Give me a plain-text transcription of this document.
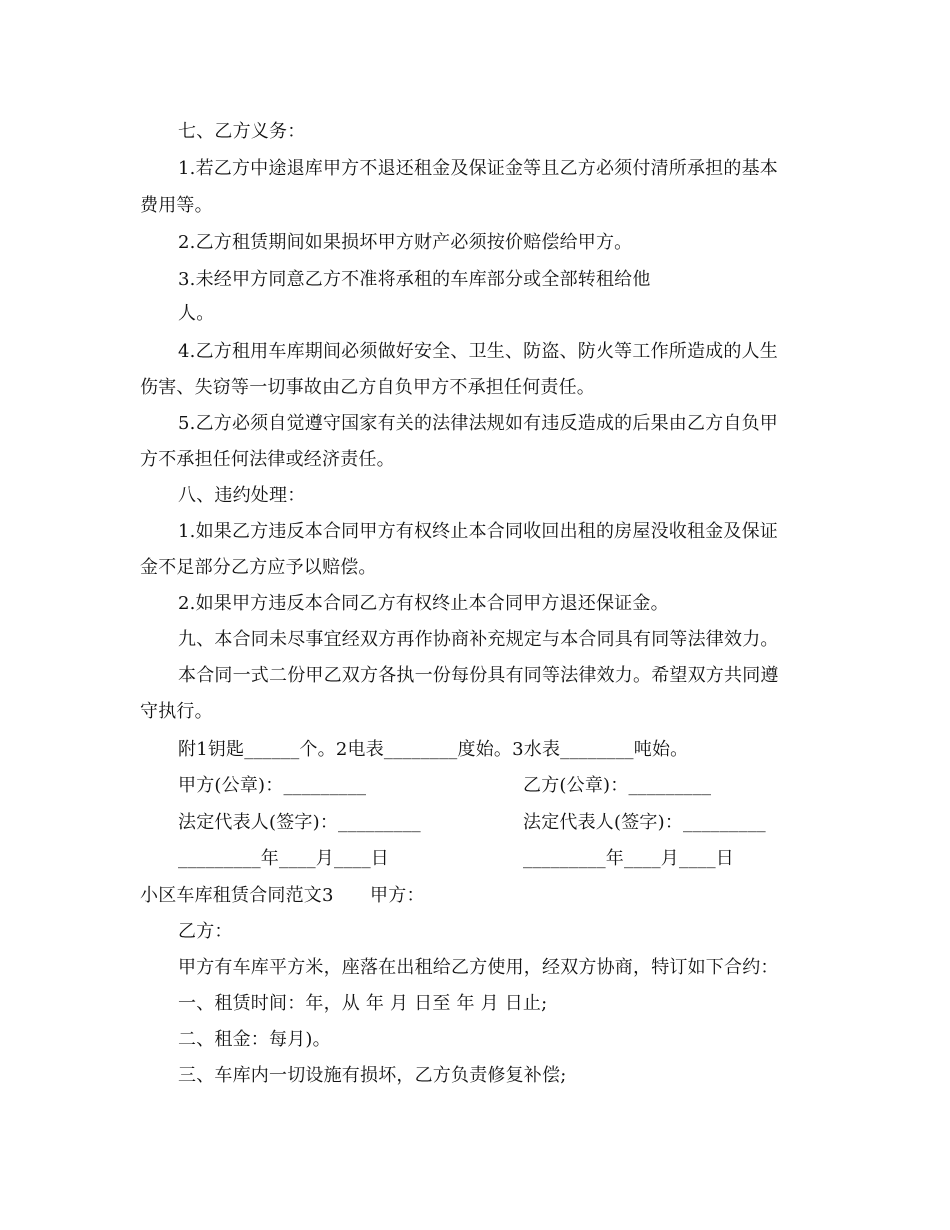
七、乙方义务：
1.若乙方中途退库甲方不退还租金及保证金等且乙方必须付清所承担的基本
费用等。
2.乙方租赁期间如果损坏甲方财产必须按价赔偿给甲方。
3.未经甲方同意乙方不准将承租的车库部分或全部转租给他
人。
4.乙方租用车库期间必须做好安全、卫生、防盗、防火等工作所造成的人生
伤害、失窃等一切事故由乙方自负甲方不承担任何责任。
5.乙方必须自觉遵守国家有关的法律法规如有违反造成的后果由乙方自负甲
方不承担任何法律或经济责任。
八、违约处理：
1.如果乙方违反本合同甲方有权终止本合同收回出租的房屋没收租金及保证
金不足部分乙方应予以赔偿。
2.如果甲方违反本合同乙方有权终止本合同甲方退还保证金。
九、本合同未尽事宜经双方再作协商补充规定与本合同具有同等法律效力。
本合同一式二份甲乙双方各执一份每份具有同等法律效力。希望双方共同遵
守执行。
附1钥匙______个。2电表________度始。3水表________吨始。
甲方(公章)：_________	乙方(公章)：_________
法定代表人(签字)：_________	法定代表人(签字)：_________
_________年____月____日	_________年____月____日
小区车库租赁合同范文3　　甲方：
乙方：
甲方有车库平方米，座落在出租给乙方使用，经双方协商，特订如下合约：
一、租赁时间：年，从 年 月 日至 年 月 日止;
二、租金：每月)。
三、车库内一切设施有损坏，乙方负责修复补偿;
